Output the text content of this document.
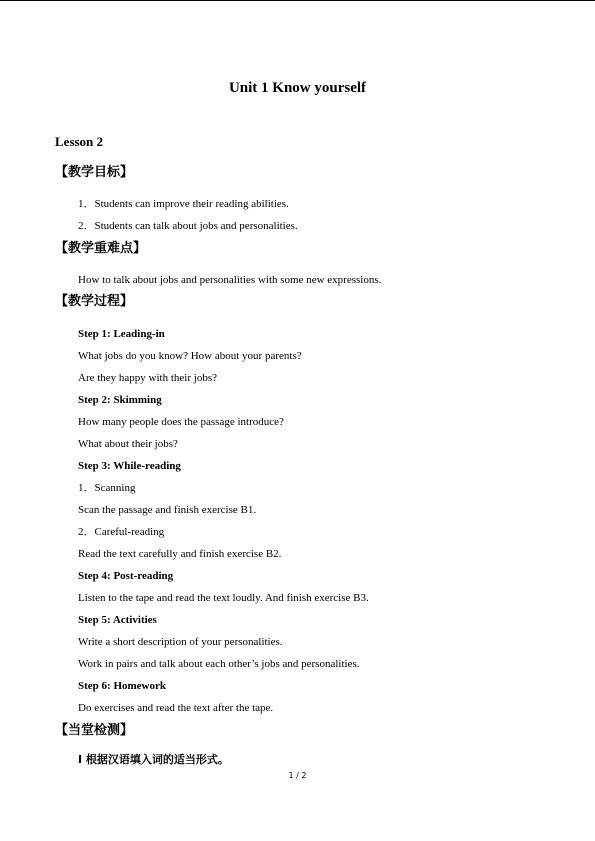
Unit 1 Know yourself
Lesson 2
【教学目标】
1．Students can improve their reading abilities.
2．Students can talk about jobs and personalities.
【教学重难点】
How to talk about jobs and personalities with some new expressions.
【教学过程】
Step 1: Leading-in
What jobs do you know? How about your parents?
Are they happy with their jobs?
Step 2: Skimming
How many people does the passage introduce?
What about their jobs?
Step 3: While-reading
1．Scanning
Scan the passage and finish exercise B1.
2．Careful-reading
Read the text carefully and finish exercise B2.
Step 4: Post-reading
Listen to the tape and read the text loudly. And finish exercise B3.
Step 5: Activities
Write a short description of your personalities.
Work in pairs and talk about each other’s jobs and personalities.
Step 6: Homework
Do exercises and read the text after the tape.
【当堂检测】
I 根据汉语填入词的适当形式。
1 / 2
